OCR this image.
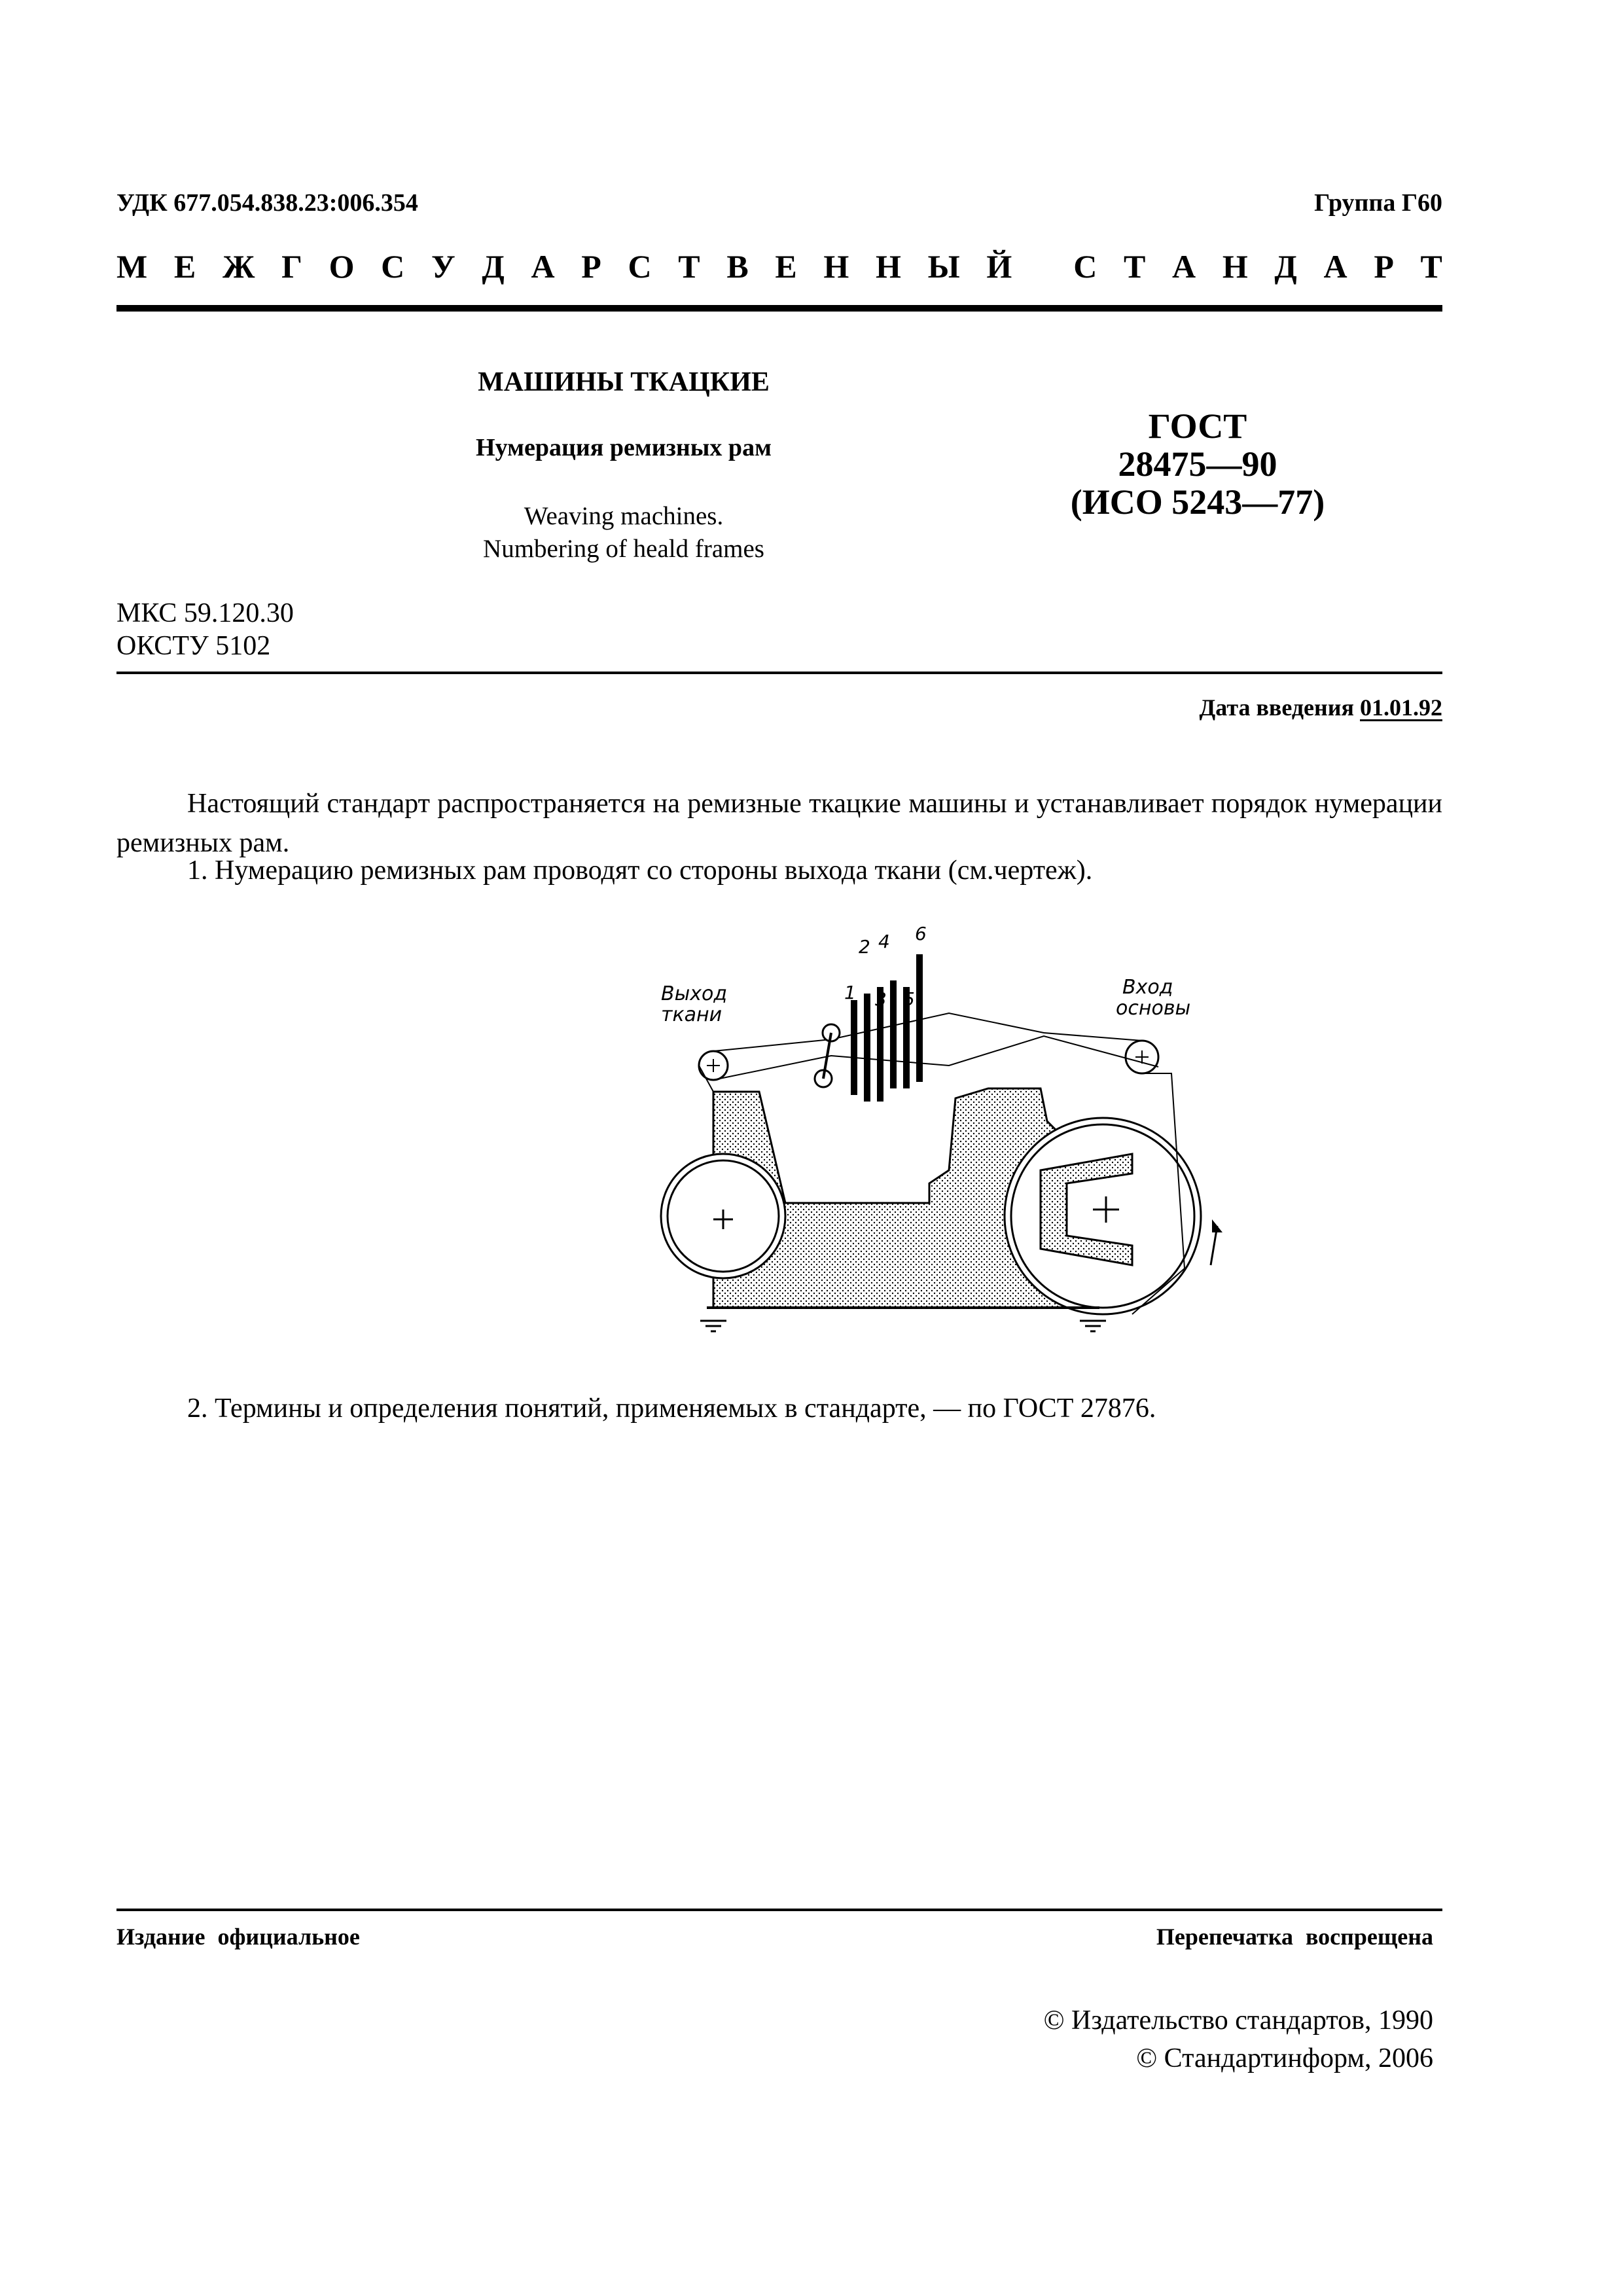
УДК 677.054.838.23:006.354	Группа Г60
М Е Ж Г О С У Д А Р С Т В Е Н Н Ы Й
С Т А Н Д А Р Т
МАШИНЫ ТКАЦКИЕ
Нумерация ремизных рам
Weaving machines.
Numbering of heald frames
ГОСТ
28475—90
(ИСО 5243—77)
МКС 59.120.30
ОКСТУ 5102
Дата введения 01.01.92
Настоящий стандарт распространяется на ремизные ткацкие машины и устанавливает порядок нумерации ремизных рам.
1. Нумерацию ремизных рам проводят со стороны выхода ткани (см.чертеж).
Выход
ткани
Вход
основы
1
2
3
4
5
6
2. Термины и определения понятий, применяемых в стандарте, — по ГОСТ 27876.
Издание официальное	Перепечатка воспрещена
© Издательство стандартов, 1990
© Стандартинформ, 2006
